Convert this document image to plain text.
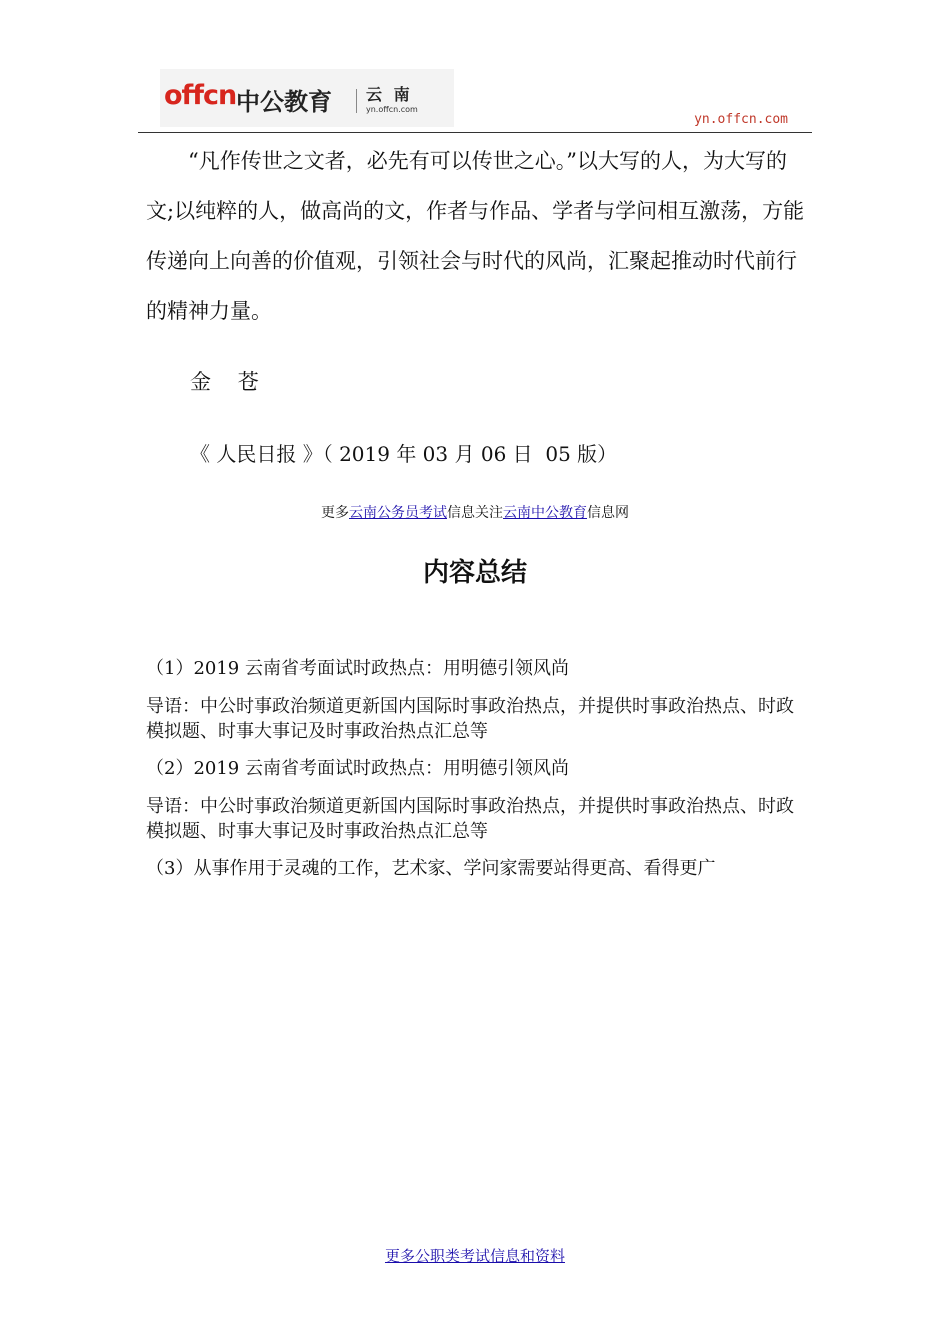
offcn 中公教育 云 南
yn.offcn.com
yn.offcn.com
“凡作传世之文者，必先有可以传世之心。”以大写的人，为大写的文;以纯粹的人，做高尚的文，作者与作品、学者与学问相互激荡，方能传递向上向善的价值观，引领社会与时代的风尚，汇聚起推动时代前行的精神力量。
金    苍
《 人民日报 》（ 2019 年 03 月 06 日  05 版）
更多云南公务员考试信息关注云南中公教育信息网
内容总结
（1）2019 云南省考面试时政热点：用明德引领风尚
导语：中公时事政治频道更新国内国际时事政治热点，并提供时事政治热点、时政模拟题、时事大事记及时事政治热点汇总等
（2）2019 云南省考面试时政热点：用明德引领风尚
导语：中公时事政治频道更新国内国际时事政治热点，并提供时事政治热点、时政模拟题、时事大事记及时事政治热点汇总等
（3）从事作用于灵魂的工作，艺术家、学问家需要站得更高、看得更广
更多公职类考试信息和资料
